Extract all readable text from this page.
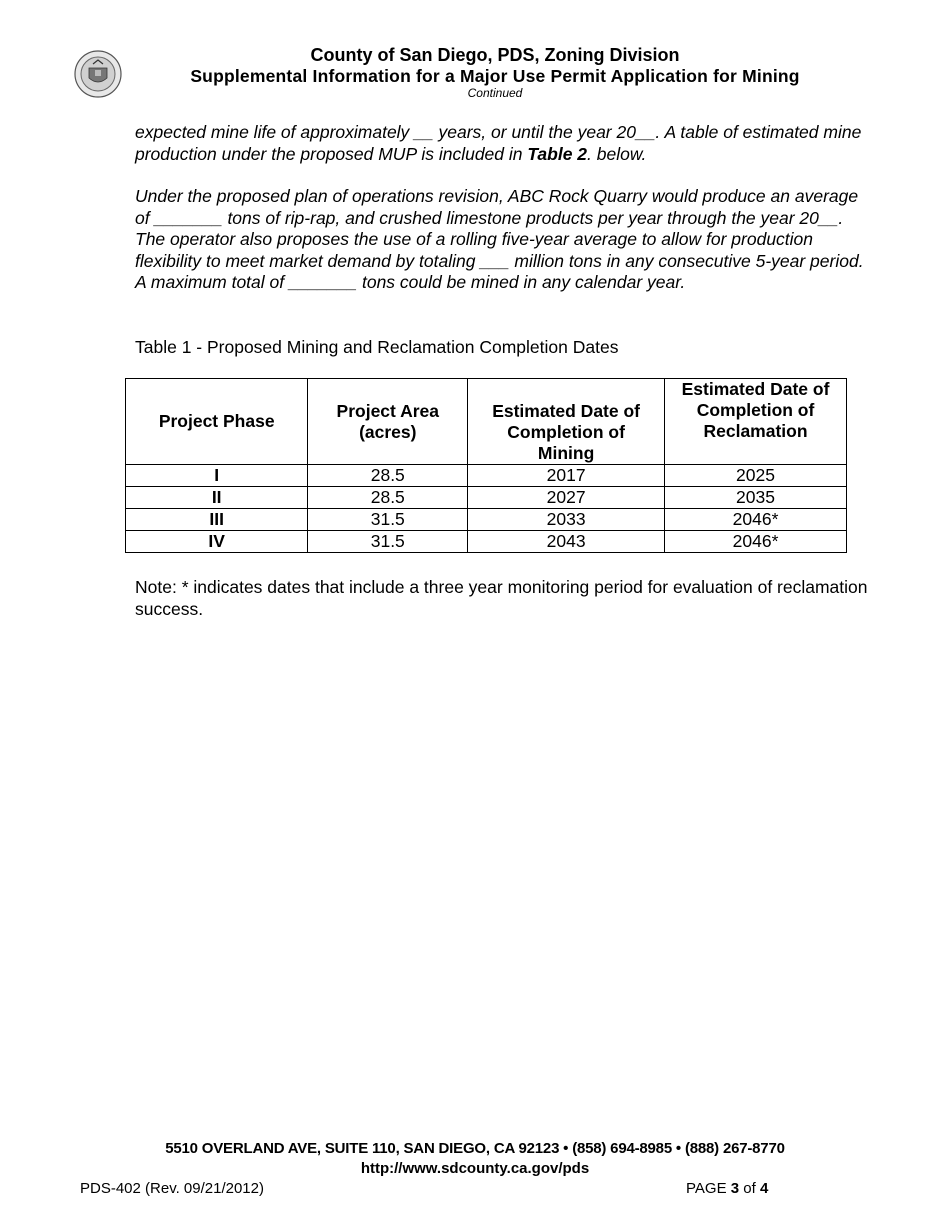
County of San Diego, PDS, Zoning Division
Supplemental Information for a Major Use Permit Application for Mining
Continued
expected mine life of approximately __ years, or until the year 20__. A table of estimated mine production under the proposed MUP is included in Table 2. below.
Under the proposed plan of operations revision, ABC Rock Quarry would produce an average of _______ tons of rip-rap, and crushed limestone products per year through the year 20__. The operator also proposes the use of a rolling five-year average to allow for production flexibility to meet market demand by totaling ___ million tons in any consecutive 5-year period. A maximum total of _______ tons could be mined in any calendar year.
Table 1 - Proposed Mining and Reclamation Completion Dates
Project Phase	Project Area (acres)	Estimated Date of Completion of Mining	Estimated Date of Completion of Reclamation

I	28.5	2017	2025
II	28.5	2027	2035
III	31.5	2033	2046*
IV	31.5	2043	2046*
Note: * indicates dates that include a three year monitoring period for evaluation of reclamation success.
5510 OVERLAND AVE, SUITE 110, SAN DIEGO, CA 92123 • (858) 694-8985 • (888) 267-8770
http://www.sdcounty.ca.gov/pds
PDS-402 (Rev. 09/21/2012)	PAGE 3 of 4
